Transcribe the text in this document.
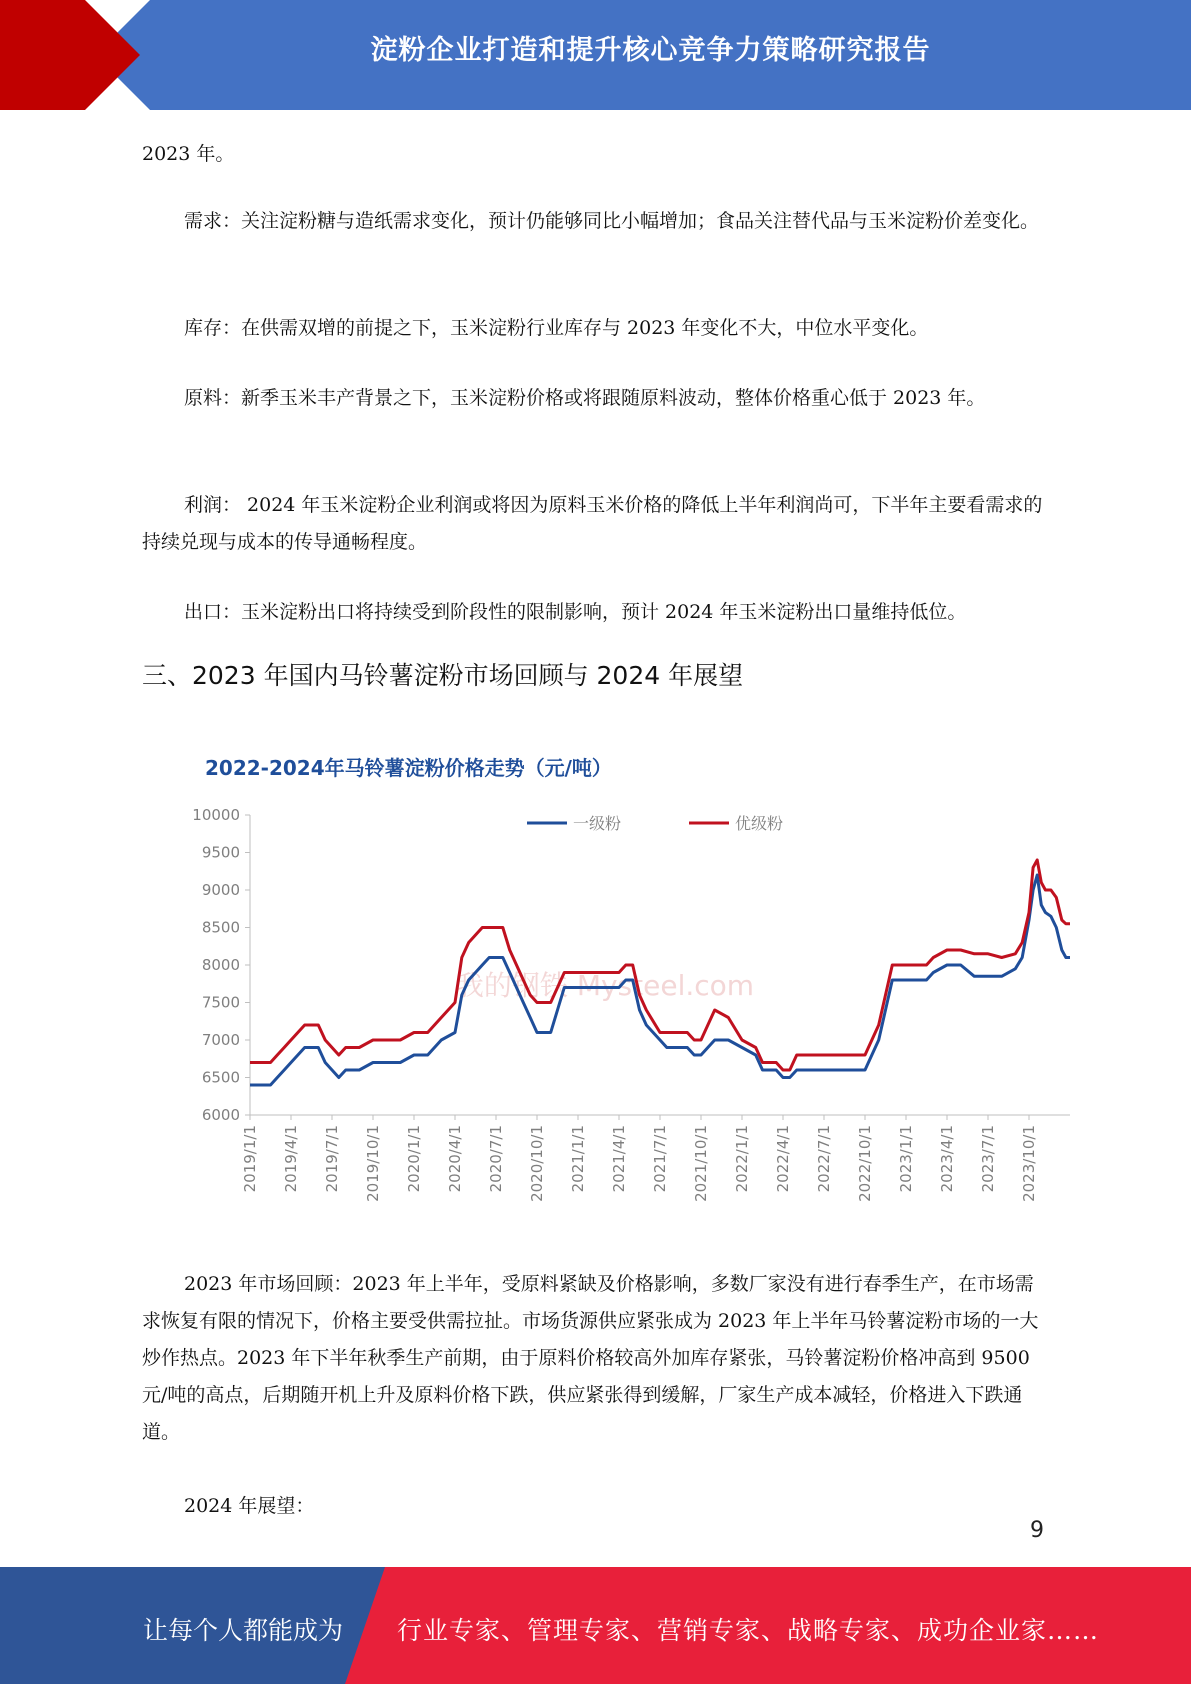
淀粉企业打造和提升核心竞争力策略研究报告

2023 年。

需求：关注淀粉糖与造纸需求变化，预计仍能够同比小幅增加；食品关注替代品与玉米淀粉价差变化。

库存：在供需双增的前提之下，玉米淀粉行业库存与 2023 年变化不大，中位水平变化。

原料：新季玉米丰产背景之下，玉米淀粉价格或将跟随原料波动，整体价格重心低于 2023 年。

利润： 2024 年玉米淀粉企业利润或将因为原料玉米价格的降低上半年利润尚可，下半年主要看需求的持续兑现与成本的传导通畅程度。

出口：玉米淀粉出口将持续受到阶段性的限制影响，预计 2024 年玉米淀粉出口量维持低位。

三、2023 年国内马铃薯淀粉市场回顾与 2024 年展望
2022-2024年马铃薯淀粉价格走势（元/吨）
我的钢铁 Mysteel.com
6000
6500
7000
7500
8000
8500
9000
9500
10000
2019/1/1 2019/4/1 2019/7/1 2019/10/1 2020/1/1 2020/4/1 2020/7/1 2020/10/1 2021/1/1 2021/4/1 2021/7/1 2021/10/1 2022/1/1 2022/4/1 2022/7/1 2022/10/1 2023/1/1 2023/4/1 2023/7/1 2023/10/1
一级粉	优级粉

2023 年市场回顾：2023 年上半年，受原料紧缺及价格影响，多数厂家没有进行春季生产，在市场需求恢复有限的情况下，价格主要受供需拉扯。市场货源供应紧张成为 2023 年上半年马铃薯淀粉市场的一大炒作热点。2023 年下半年秋季生产前期，由于原料价格较高外加库存紧张，马铃薯淀粉价格冲高到 9500 元/吨的高点，后期随开机上升及原料价格下跌，供应紧张得到缓解，厂家生产成本减轻，价格进入下跌通道。

2024 年展望：

9
让每个人都能成为 行业专家、管理专家、营销专家、战略专家、成功企业家……
